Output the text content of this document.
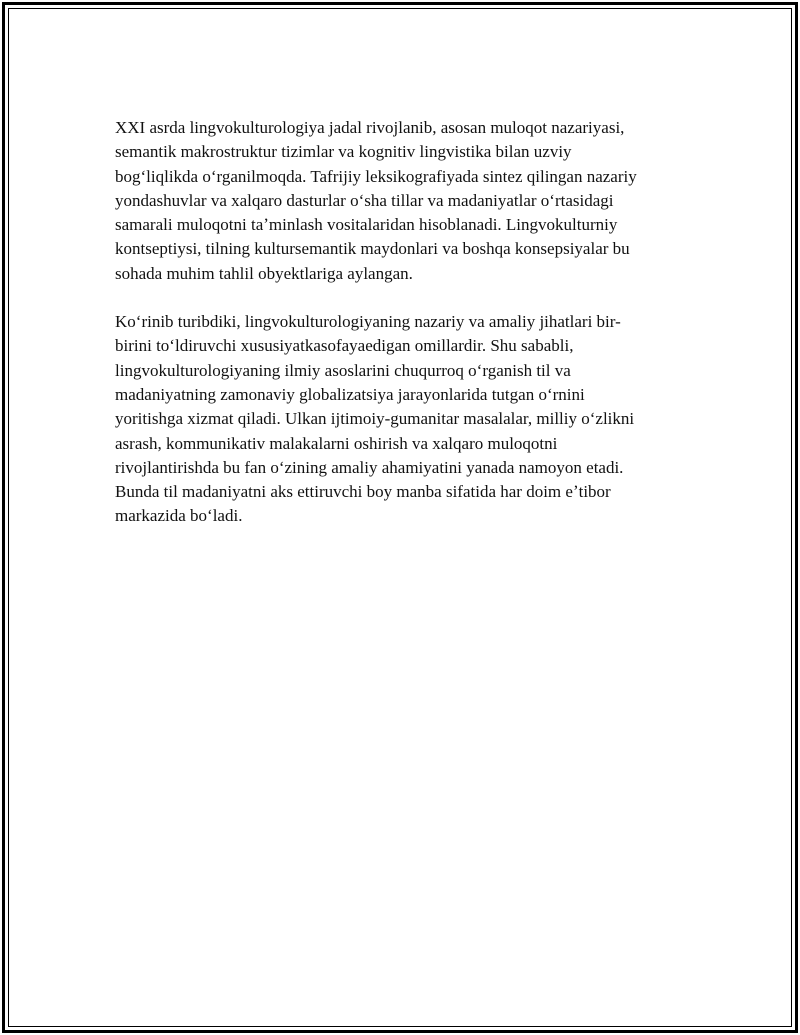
XXI asrda lingvokulturologiya jadal rivojlanib, asosan muloqot nazariyasi,
semantik makrostruktur tizimlar va kognitiv lingvistika bilan uzviy
bogʻliqlikda oʻrganilmoqda. Tafrijiy leksikografiyada sintez qilingan nazariy
yondashuvlar va xalqaro dasturlar oʻsha tillar va madaniyatlar oʻrtasidagi
samarali muloqotni taʼminlash vositalaridan hisoblanadi. Lingvokulturniy
kontseptiysi, tilning kultursemantik maydonlari va boshqa konsepsiyalar bu
sohada muhim tahlil obyektlariga aylangan.

Koʻrinib turibdiki, lingvokulturologiyaning nazariy va amaliy jihatlari bir-
birini toʻldiruvchi xususiyatkasofayaedigan omillardir. Shu sababli,
lingvokulturologiyaning ilmiy asoslarini chuqurroq oʻrganish til va
madaniyatning zamonaviy globalizatsiya jarayonlarida tutgan oʻrnini
yoritishga xizmat qiladi. Ulkan ijtimoiy-gumanitar masalalar, milliy oʻzlikni
asrash, kommunikativ malakalarni oshirish va xalqaro muloqotni
rivojlantirishda bu fan oʻzining amaliy ahamiyatini yanada namoyon etadi.
Bunda til madaniyatni aks ettiruvchi boy manba sifatida har doim eʼtibor
markazida boʻladi.
